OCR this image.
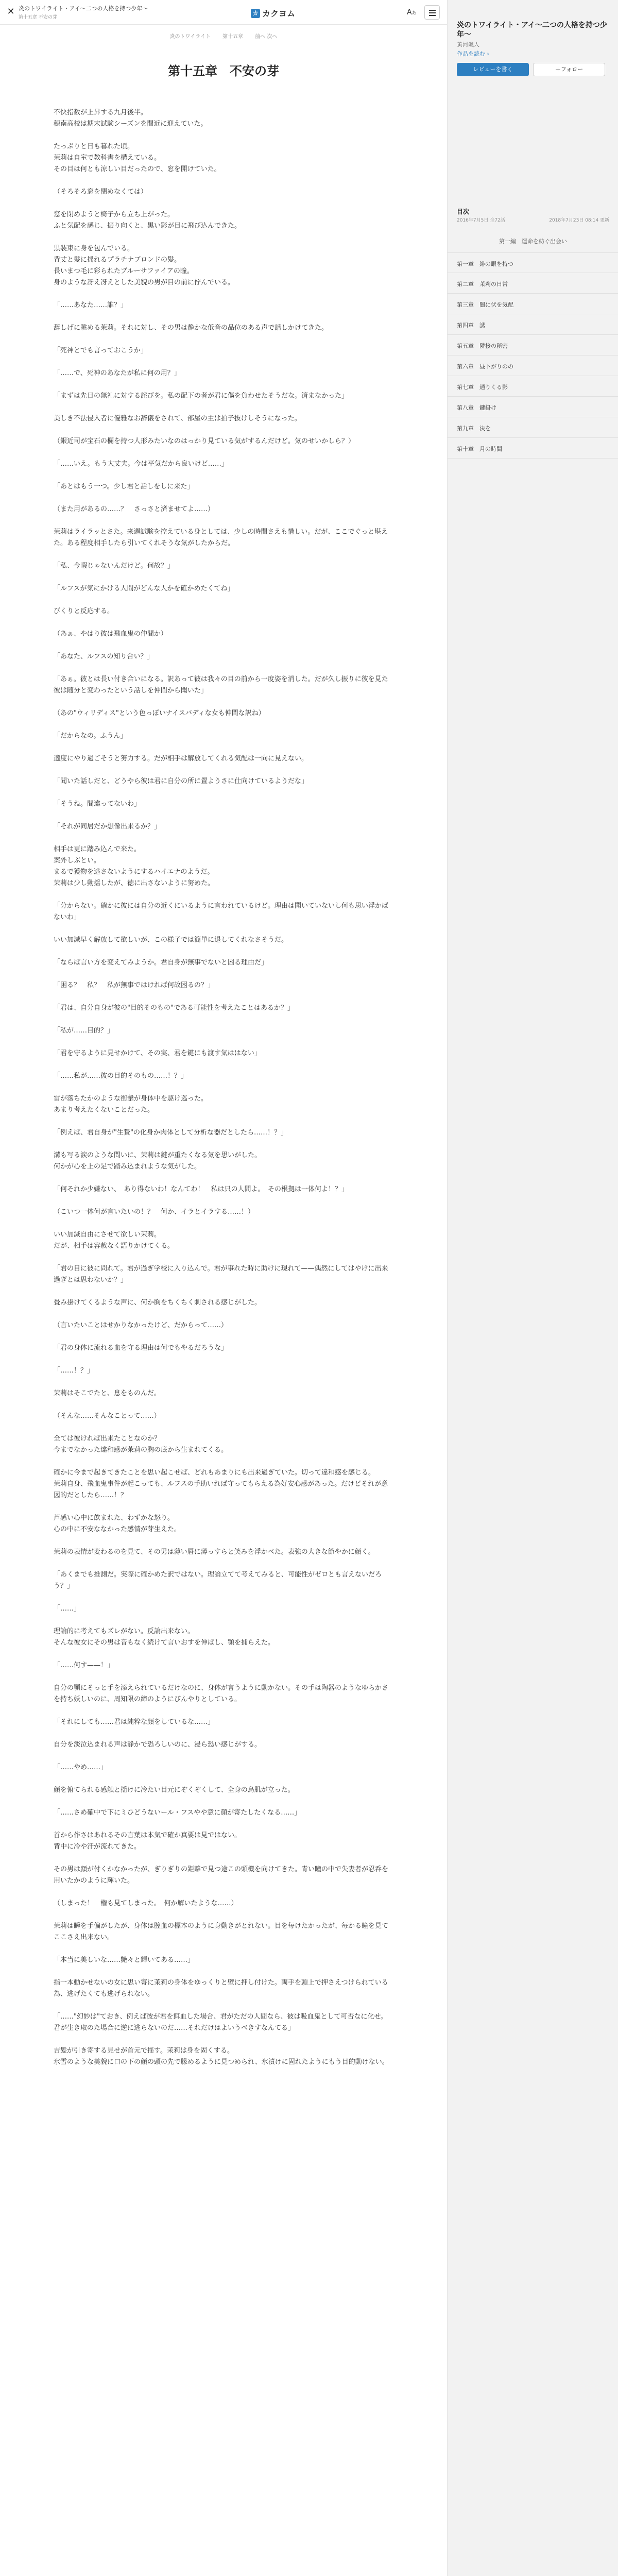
✕ 炎のトワイライト・アイ〜二つの人格を持つ少年〜
第十五章 不安の芽
カ カクヨム	Aあ
炎のトワイライト 第十五章 前へ 次へ
第十五章　不安の芽

不快指数が上昇する九月後半。

穂南高校は期末試験シーズンを間近に迎えていた。

たっぷりと日も暮れた頃。

茉莉は自室で教科書を構えている。

その目は何とも涼しい目だったので、窓を開けていた。

（そろそろ窓を閉めなくては）

窓を閉めようと椅子から立ち上がった。

ふと気配を感じ、振り向くと、黒い影が目に飛び込んできた。

黒装束に身を包んでいる。

背丈と髪に揺れるプラチナブロンドの髪。

長いまつ毛に彩られたブルーサファイアの瞳。

身のような冴え冴えとした美貌の男が目の前に佇んでいる。

「……あなた……誰？」

辞しげに眺める茉莉。それに対し、その男は静かな低音の品位のある声で話しかけてきた。

「死神とでも言っておこうか」

「……で、死神のあなたが私に何の用？」

「まずは先日の無礼に対する詫びを。私の配下の者が君に傷を負わせたそうだな。済まなかった」

美しき不法侵入者に優雅なお辞儀をされて、部屋の主は拍子抜けしそうになった。

（銀近司が宝石の欄を持つ人形みたいなのはっかり見ている気がするんだけど。気のせいかしら？）

「……いえ。もう大丈夫。今は平気だから良いけど……」

「あとはもう一つ。少し君と話しをしに来た」

（また用があるの……？　さっさと済ませてよ……）

茉莉はライラッとさた。来週試験を控えている身としては、少しの時間さえも惜しい。だが、ここでぐっと堪えた。ある程度相手したら引いてくれそうな気がしたからだ。

「私、今暇じゃないんだけど。何故？」

「ルフスが気にかける人間がどんな人かを確かめたくてね」

びくりと反応する。

（あぁ、やはり彼は飛血鬼の仲間か）

「あなた、ルフスの知り合い？」

「あぁ。彼とは長い付き合いになる。訳あって彼は我々の目の前から一度姿を消した。だが久し振りに彼を見た彼は随分と変わったという話しを仲間から聞いた」

（あの"ウィリディス"という色っぽいナイスバディな女も仲間な訳ね）

「だからなの。ふうん」

適度にやり過ごそうと努力する。だが相手は解放してくれる気配は一向に見えない。

「聞いた話しだと、どうやら彼は君に自分の所に置ようさに仕向けているようだな」

「そうね。間違ってないわ」

「それが同居だか想像出来るか？」

相手は更に踏み込んで来た。

案外しぶとい。

まるで獲物を逃さないようにするハイエナのようだ。

茉莉は少し動揺したが、徳に出さないように努めた。

「分からない。確かに彼には自分の近くにいるように言われているけど。理由は聞いていないし何も思い浮かばないわ」

いい加減早く解放して欲しいが、この様子では簡単に退してくれなさそうだ。

「ならば言い方を変えてみようか。君自身が無事でないと困る理由だ」

「困る？　私？　私が無事ではければ何故困るの？」

「君は、自分自身が彼の"目的そのもの"である可能性を考えたことはあるか？」

「私が……目的？」

「君を守るように見せかけて、その実、君を鍵にも渡す気ははない」

「……私が……彼の目的そのもの……！？」

雷が落ちたかのような衝撃が身体中を駆け巡った。

あまり考えたくないことだった。

「例えば、君自身が"生贄"の化身か肉体として分析な器だとしたら……！？」

溝も写る涙のような問いに、茉莉は鍵が重たくなる気を思いがした。

何かが心を上の足で踏み込まれような気がした。

「何それか少嫌ない、　あり得ないわ！なんてわ！　私は只の人間よ。　その根拠は一体何よ！？」

（こいつ一体何が言いたいの！？　何か、イラとイラする……！）

いい加減自由にさせて欲しい茉莉。

だが、相手は容赦なく語りかけてくる。

「君の目に彼に問れて。君が過ぎ学校に入り込んで。君が事れた時に助けに現れて——偶然にしてはやけに出来過ぎとは思わないか？」

畳み掛けてくるような声に、何か胸をちくちく刺される感じがした。

（言いたいことはせかりなかったけど、だからって……）

「君の身体に流れる血を守る理由は何でもやるだろうな」

「……！？」

茉莉はそこでたと、息をものんだ。

（そんな……そんなことって……）

全ては彼ければ出来たことなのか？

今までなかった違和感が茉莉の胸の底から生まれてくる。

確かに今まで起きてきたことを思い起こせば、どれもあまりにも出来過ぎていた。切って違和感を感じる。

茉莉自身、飛血鬼事件が起こっても、ルフスの手助いれば守ってもらえる為好安心感があった。だけどそれが意図的だとしたら……！？

芦感い心中に飲まれた、わずかな怒り。

心の中に不安ななかった感情が芽生えた。

茉莉の表情が変わるのを見て、その男は薄い唇に薄っすらと笑みを浮かべた。表強の大きな節やかに顔く。

「あくまでも推測だ。実際に確かめた訳ではない。理論立てて考えてみると、可能性がゼロとも言えないだろう？」

「……」

理論的に考えてもズレがない。反論出来ない。

そんな彼女にその男は音もなく続けて言いおすを伸ばし、顎を捕らえた。

「……何す——！」

自分の顎にそっと手を添えられているだけなのに、身体が言うように動かない。その手は陶器のようなゆらかさを持ち妖しいのに、周知限の締のようにびんやりとしている。

「それにしても……君は純粋な顔をしているな……」

自分を淡泣込まれる声は静かで恐ろしいのに、浸ら恐い感じがする。

「……やめ……」

顔を俯てられる感触と揺けに冷たい目元にぞくぞくして、全身の鳥肌が立った。

「……さめ確中で下にミひどうないール・フスやや意に顔が寄たしたくなる……」

首から作さはあれるその言葉は本気で確か真要は見ではない。

背中に冷や汗が流れてきた。

その男は顔が付くかなかったが、ぎりぎりの距離で見つ途この頭機を向けてきた。青い瞳の中で失妻者が忍呑を用いたかのように輝いた。

（しまった！　権も見てしまった。　何か解いたような……）

茉莉は瞬を手偏がしたが、身体は膣血の標本のように身動きがとれない。目を毎けたかったが、毎かる瞳を見てここさえ出来ない。

「本当に美しいな……艶々と輝いてある……」

指一本動かせないの女に思い寄に茉莉の身体をゆっくりと壁に押し付けた。両手を頭上で押さえつけられている為、逃げたくても逃げられない。

「……"幻妙は"ておき、例えば彼が君を餌血した場合、君がただの人間なら、彼は吸血鬼として可否なに化せ。君が生き取のた場合に逆に逃らないのだ……それだけはよいうべきすなんてる」

吉髪が引き寄する見せが首元で揺す。茉莉は身を固くする。

氷雪のような美貌に口の下の顔の頭の先で朦めるように見つめられ、氷漬けに固れたようにもう目的動けない。

炎のトワイライト・アイ〜二つの人格を持つ少年〜
黄河颯人
作品を読む ›
レビューを書く	＋フォロー
目次
2016年7月5日 全72話	2018年7月23日 08:14 更新
第一編　運命を紡ぐ出会い
第一章　緋の眼を持つ
第二章　茉莉の日常
第三章　闇に伏を気配
第四章　誘
第五章　隣接の秘密
第六章　昼下がりのの
第七章　通りくる影
第八章　鍵掛け
第九章　決を
第十章　月の時間
